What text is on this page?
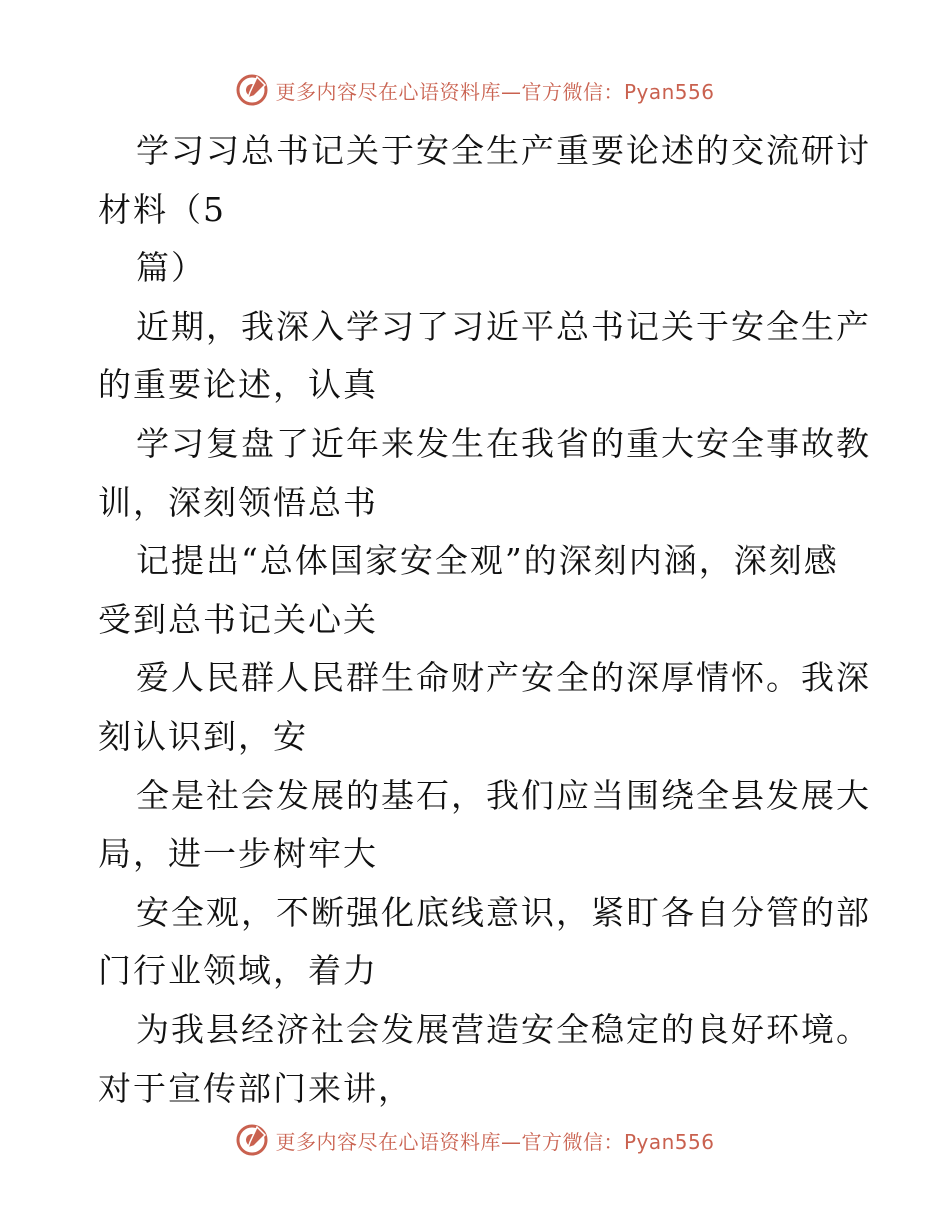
更多内容尽在心语资料库—官方微信：Pyan556

学习习总书记关于安全生产重要论述的交流研讨
材料（5

篇）

近期，我深入学习了习近平总书记关于安全生产
的重要论述，认真

学习复盘了近年来发生在我省的重大安全事故教
训，深刻领悟总书

记提出“总体国家安全观”的深刻内涵，深刻感
受到总书记关心关

爱人民群人民群生命财产安全的深厚情怀。我深
刻认识到，安

全是社会发展的基石，我们应当围绕全县发展大
局，进一步树牢大

安全观，不断强化底线意识，紧盯各自分管的部
门行业领域，着力

为我县经济社会发展营造安全稳定的良好环境。
对于宣传部门来讲，

更多内容尽在心语资料库—官方微信：Pyan556
